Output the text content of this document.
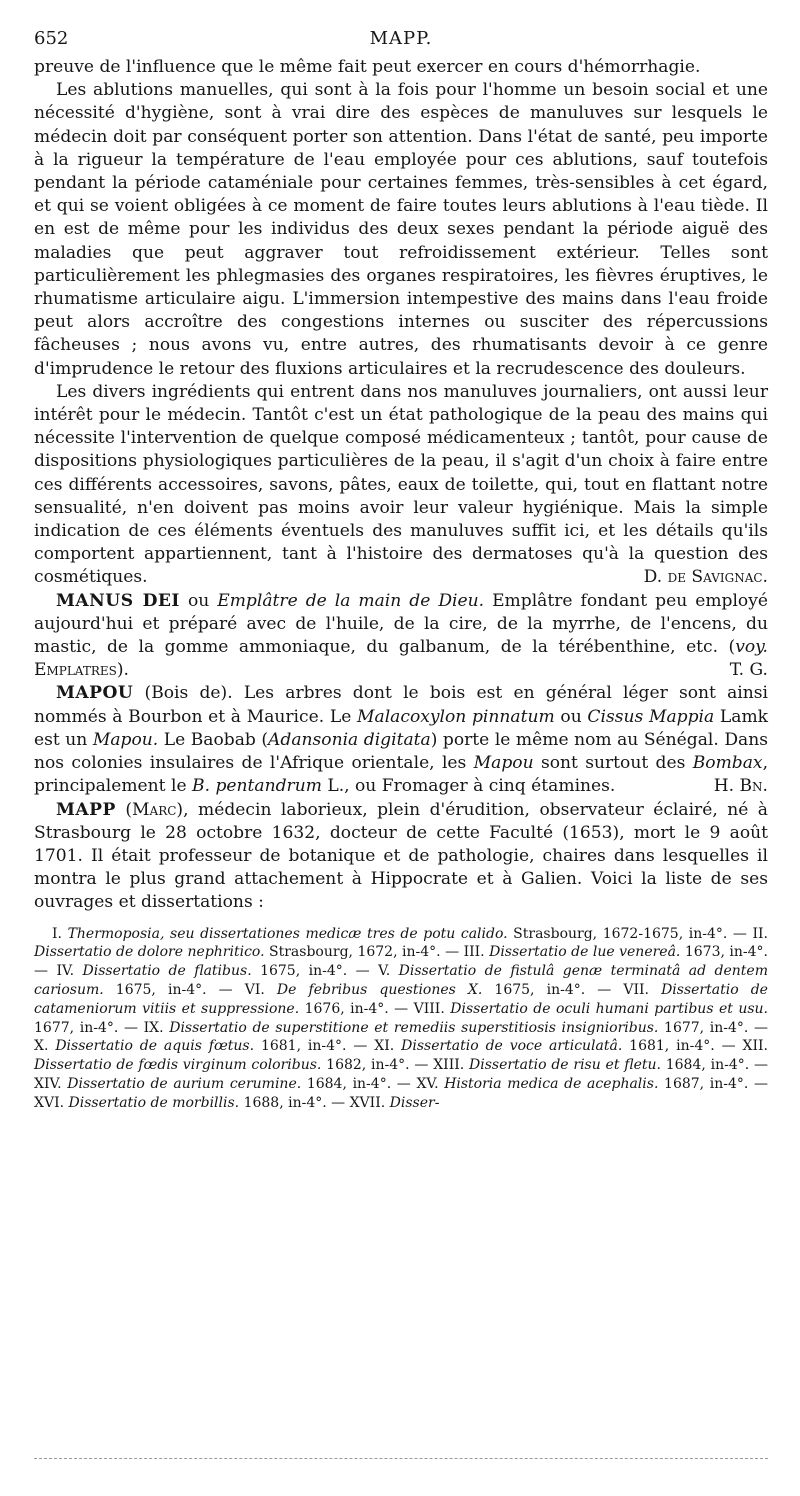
652	MAPP.

preuve de l'influence que le même fait peut exercer en cours d'hémorrhagie.

Les ablutions manuelles, qui sont à la fois pour l'homme un besoin social et une nécessité d'hygiène, sont à vrai dire des espèces de manuluves sur lesquels le médecin doit par conséquent porter son attention. Dans l'état de santé, peu importe à la rigueur la température de l'eau employée pour ces ablutions, sauf toutefois pendant la période cataméniale pour certaines femmes, très-sensibles à cet égard, et qui se voient obligées à ce moment de faire toutes leurs ablutions à l'eau tiède. Il en est de même pour les individus des deux sexes pendant la période aiguë des maladies que peut aggraver tout refroidissement extérieur. Telles sont particulièrement les phlegmasies des organes respiratoires, les fièvres éruptives, le rhumatisme articulaire aigu. L'immersion intempestive des mains dans l'eau froide peut alors accroître des congestions internes ou susciter des répercussions fâcheuses ; nous avons vu, entre autres, des rhumatisants devoir à ce genre d'imprudence le retour des fluxions articulaires et la recrudescence des douleurs.

Les divers ingrédients qui entrent dans nos manuluves journaliers, ont aussi leur intérêt pour le médecin. Tantôt c'est un état pathologique de la peau des mains qui nécessite l'intervention de quelque composé médicamenteux ; tantôt, pour cause de dispositions physiologiques particulières de la peau, il s'agit d'un choix à faire entre ces différents accessoires, savons, pâtes, eaux de toilette, qui, tout en flattant notre sensualité, n'en doivent pas moins avoir leur valeur hygiénique. Mais la simple indication de ces éléments éventuels des manuluves suffit ici, et les détails qu'ils comportent appartiennent, tant à l'histoire des dermatoses qu'à la question des cosmétiques.	D. de Savignac.

MANUS DEI ou Emplâtre de la main de Dieu. Emplâtre fondant peu employé aujourd'hui et préparé avec de l'huile, de la cire, de la myrrhe, de l'encens, du mastic, de la gomme ammoniaque, du galbanum, de la térébenthine, etc. (voy. Emplatres).	T. G.

MAPOU (Bois de). Les arbres dont le bois est en général léger sont ainsi nommés à Bourbon et à Maurice. Le Malacoxylon pinnatum ou Cissus Mappia Lamk est un Mapou. Le Baobab (Adansonia digitata) porte le même nom au Sénégal. Dans nos colonies insulaires de l'Afrique orientale, les Mapou sont surtout des Bombax, principalement le B. pentandrum L., ou Fromager à cinq étamines.	H. Bn.

MAPP (Marc), médecin laborieux, plein d'érudition, observateur éclairé, né à Strasbourg le 28 octobre 1632, docteur de cette Faculté (1653), mort le 9 août 1701. Il était professeur de botanique et de pathologie, chaires dans lesquelles il montra le plus grand attachement à Hippocrate et à Galien. Voici la liste de ses ouvrages et dissertations :

I. Thermoposia, seu dissertationes medicæ tres de potu calido. Strasbourg, 1672-1675, in-4°. — II. Dissertatio de dolore nephritico. Strasbourg, 1672, in-4°. — III. Dissertatio de lue venereâ. 1673, in-4°. — IV. Dissertatio de flatibus. 1675, in-4°. — V. Dissertatio de fistulâ genæ terminatâ ad dentem cariosum. 1675, in-4°. — VI. De febribus questiones X. 1675, in-4°. — VII. Dissertatio de catameniorum vitiis et suppressione. 1676, in-4°. — VIII. Dissertatio de oculi humani partibus et usu. 1677, in-4°. — IX. Dissertatio de superstitione et remediis superstitiosis insignioribus. 1677, in-4°. — X. Dissertatio de aquis fœtus. 1681, in-4°. — XI. Dissertatio de voce articulatâ. 1681, in-4°. — XII. Dissertatio de fœdis virginum coloribus. 1682, in-4°. — XIII. Dissertatio de risu et fletu. 1684, in-4°. — XIV. Dissertatio de aurium cerumine. 1684, in-4°. — XV. Historia medica de acephalis. 1687, in-4°. — XVI. Dissertatio de morbillis. 1688, in-4°. — XVII. Disser-
